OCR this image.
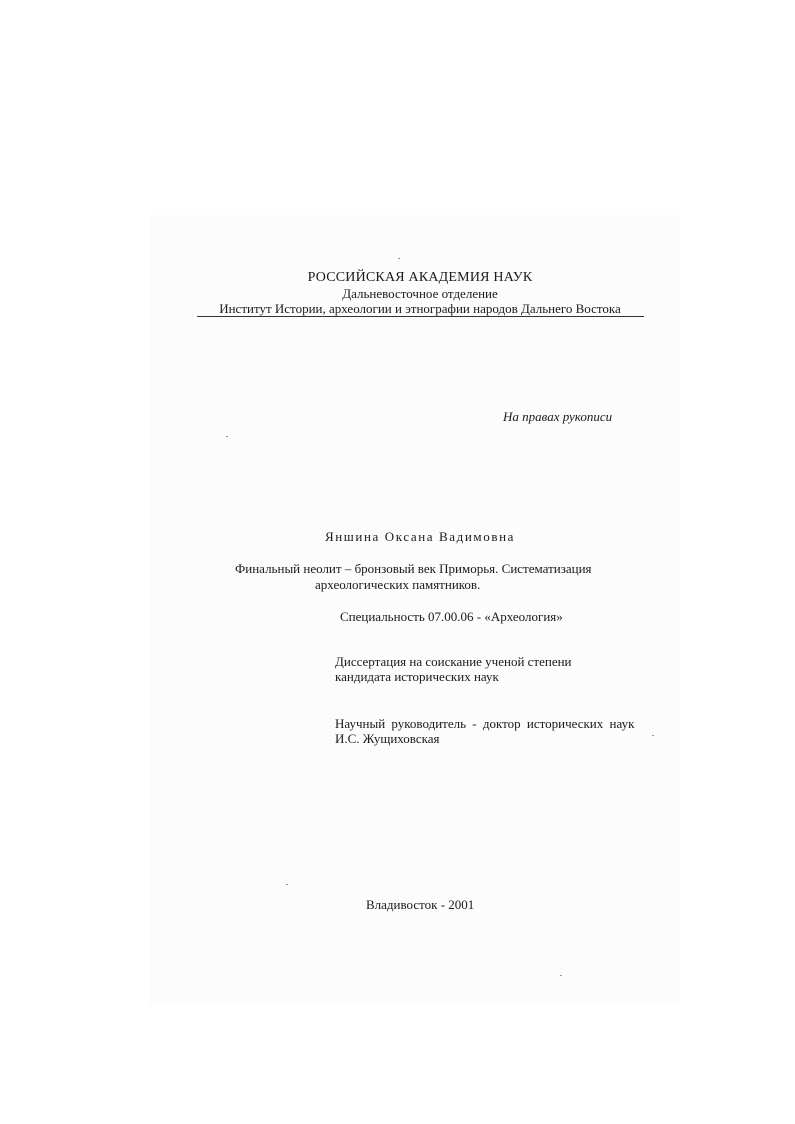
РОССИЙСКАЯ АКАДЕМИЯ НАУК
Дальневосточное отделение
Институт Истории, археологии и этнографии народов Дальнего Востока
На правах рукописи
Яншина Оксана Вадимовна
Финальный неолит – бронзовый век Приморья. Систематизация
археологических памятников.
Специальность 07.00.06 - «Археология»
Диссертация на соискание ученой степени
кандидата исторических наук
Научный руководитель - доктор исторических наук
И.С. Жущиховская
Владивосток - 2001
